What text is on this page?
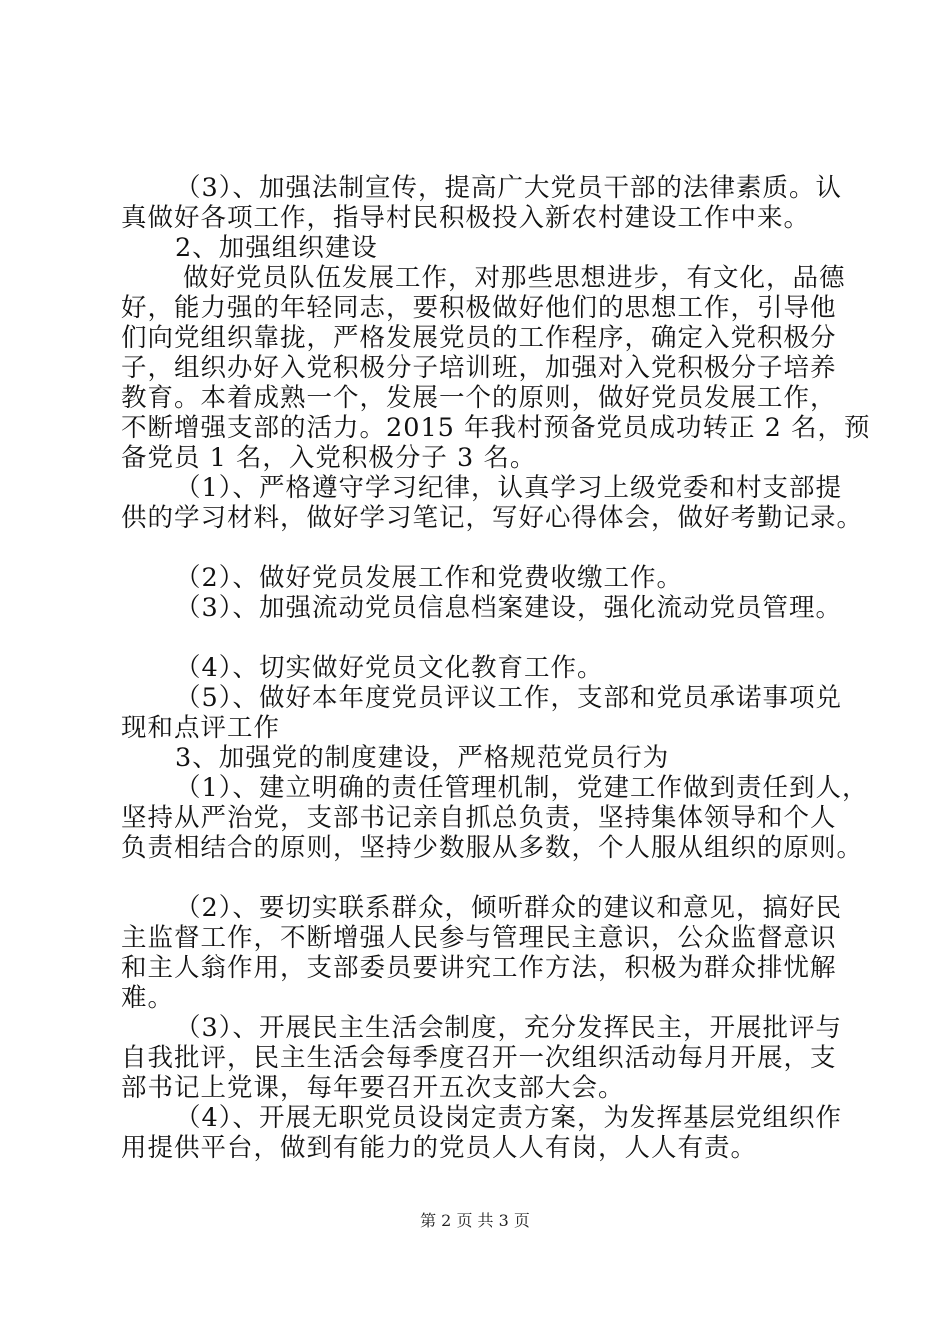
（3）、加强法制宣传，提高广大党员干部的法律素质。认

真做好各项工作，指导村民积极投入新农村建设工作中来。

2、加强组织建设

做好党员队伍发展工作，对那些思想进步，有文化，品德

好，能力强的年轻同志，要积极做好他们的思想工作，引导他

们向党组织靠拢，严格发展党员的工作程序，确定入党积极分

子，组织办好入党积极分子培训班，加强对入党积极分子培养

教育。本着成熟一个，发展一个的原则，做好党员发展工作，

不断增强支部的活力。2015 年我村预备党员成功转正 2 名，预

备党员 1 名，入党积极分子 3 名。

（1）、严格遵守学习纪律，认真学习上级党委和村支部提

供的学习材料，做好学习笔记，写好心得体会，做好考勤记录。

（2）、做好党员发展工作和党费收缴工作。

（3）、加强流动党员信息档案建设，强化流动党员管理。

（4）、切实做好党员文化教育工作。

（5）、做好本年度党员评议工作，支部和党员承诺事项兑

现和点评工作

3、加强党的制度建设，严格规范党员行为

（1）、建立明确的责任管理机制，党建工作做到责任到人，

坚持从严治党，支部书记亲自抓总负责，坚持集体领导和个人

负责相结合的原则，坚持少数服从多数，个人服从组织的原则。

（2）、要切实联系群众，倾听群众的建议和意见，搞好民

主监督工作，不断增强人民参与管理民主意识，公众监督意识

和主人翁作用，支部委员要讲究工作方法，积极为群众排忧解

难。

（3）、开展民主生活会制度，充分发挥民主，开展批评与

自我批评，民主生活会每季度召开一次组织活动每月开展，支

部书记上党课，每年要召开五次支部大会。

（4）、开展无职党员设岗定责方案，为发挥基层党组织作

用提供平台，做到有能力的党员人人有岗，人人有责。

第 2 页 共 3 页
